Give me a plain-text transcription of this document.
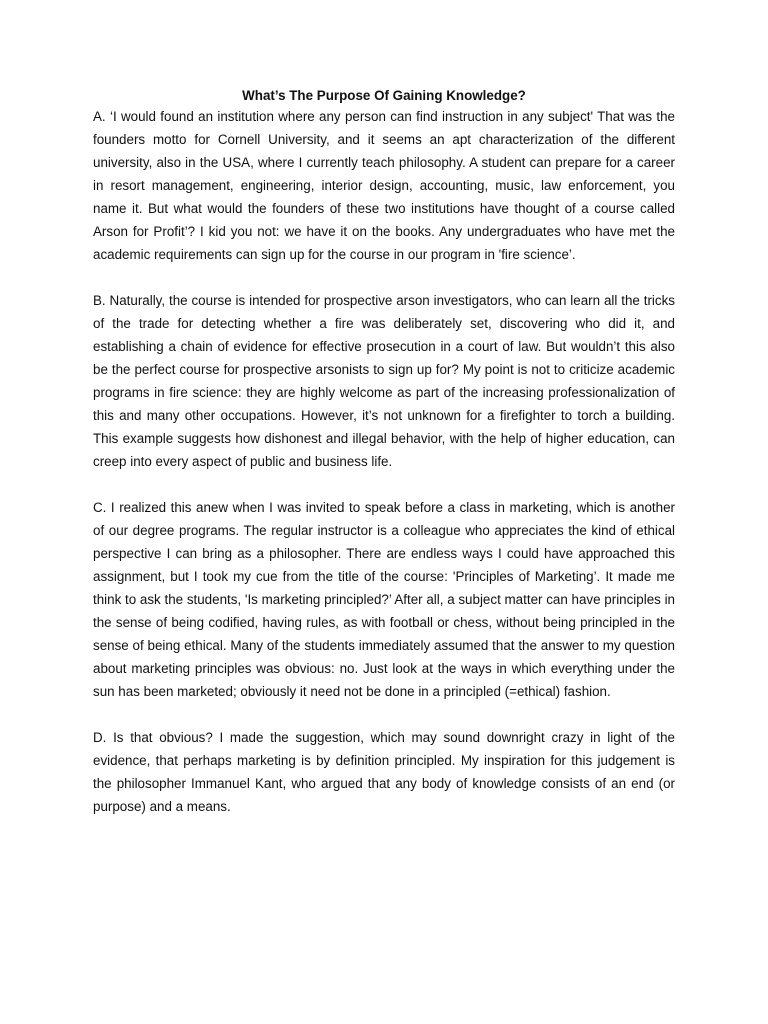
What’s The Purpose Of Gaining Knowledge?

A. ‘I would found an institution where any person can find instruction in any subject' That was the founders motto for Cornell University, and it seems an apt characterization of the different university, also in the USA, where I currently teach philosophy. A student can prepare for a career in resort management, engineering, interior design, accounting, music, law enforcement, you name it. But what would the founders of these two institutions have thought of a course called Arson for Profit’? I kid you not: we have it on the books. Any undergraduates who have met the academic requirements can sign up for the course in our program in 'fire science’.

B. Naturally, the course is intended for prospective arson investigators, who can learn all the tricks of the trade for detecting whether a fire was deliberately set, discovering who did it, and establishing a chain of evidence for effective prosecution in a court of law. But wouldn’t this also be the perfect course for prospective arsonists to sign up for? My point is not to criticize academic programs in fire science: they are highly welcome as part of the increasing professionalization of this and many other occupations. However, it’s not unknown for a firefighter to torch a building. This example suggests how dishonest and illegal behavior, with the help of higher education, can creep into every aspect of public and business life.

C. I realized this anew when I was invited to speak before a class in marketing, which is another of our degree programs. The regular instructor is a colleague who appreciates the kind of ethical perspective I can bring as a philosopher. There are endless ways I could have approached this assignment, but I took my cue from the title of the course: 'Principles of Marketing’. It made me think to ask the students, 'Is marketing principled?’ After all, a subject matter can have principles in the sense of being codified, having rules, as with football or chess, without being principled in the sense of being ethical. Many of the students immediately assumed that the answer to my question about marketing principles was obvious: no. Just look at the ways in which everything under the sun has been marketed; obviously it need not be done in a principled (=ethical) fashion.

D. Is that obvious? I made the suggestion, which may sound downright crazy in light of the evidence, that perhaps marketing is by definition principled. My inspiration for this judgement is the philosopher Immanuel Kant, who argued that any body of knowledge consists of an end (or purpose) and a means.
